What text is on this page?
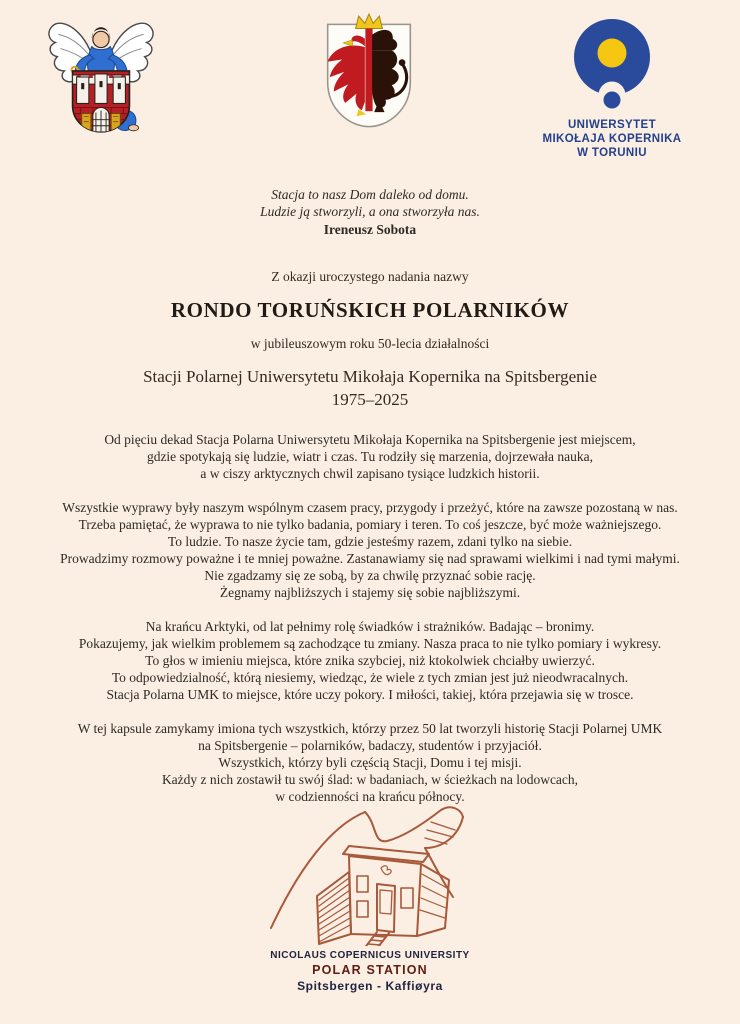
UNIWERSYTET
MIKOŁAJA KOPERNIKA
W TORUNIU
Stacja to nasz Dom daleko od domu.
Ludzie ją stworzyli, a ona stworzyła nas.
Ireneusz Sobota
Z okazji uroczystego nadania nazwy
RONDO TORUŃSKICH POLARNIKÓW
w jubileuszowym roku 50-lecia działalności
Stacji Polarnej Uniwersytetu Mikołaja Kopernika na Spitsbergenie
1975–2025

Od pięciu dekad Stacja Polarna Uniwersytetu Mikołaja Kopernika na Spitsbergenie jest miejscem,
gdzie spotykają się ludzie, wiatr i czas. Tu rodziły się marzenia, dojrzewała nauka,
a w ciszy arktycznych chwil zapisano tysiące ludzkich historii.

Wszystkie wyprawy były naszym wspólnym czasem pracy, przygody i przeżyć, które na zawsze pozostaną w nas.
Trzeba pamiętać, że wyprawa to nie tylko badania, pomiary i teren. To coś jeszcze, być może ważniejszego.
To ludzie. To nasze życie tam, gdzie jesteśmy razem, zdani tylko na siebie.
Prowadzimy rozmowy poważne i te mniej poważne. Zastanawiamy się nad sprawami wielkimi i nad tymi małymi.
Nie zgadzamy się ze sobą, by za chwilę przyznać sobie rację.
Żegnamy najbliższych i stajemy się sobie najbliższymi.

Na krańcu Arktyki, od lat pełnimy rolę świadków i strażników. Badając – bronimy.
Pokazujemy, jak wielkim problemem są zachodzące tu zmiany. Nasza praca to nie tylko pomiary i wykresy.
To głos w imieniu miejsca, które znika szybciej, niż ktokolwiek chciałby uwierzyć.
To odpowiedzialność, którą niesiemy, wiedząc, że wiele z tych zmian jest już nieodwracalnych.
Stacja Polarna UMK to miejsce, które uczy pokory. I miłości, takiej, która przejawia się w trosce.

W tej kapsule zamykamy imiona tych wszystkich, którzy przez 50 lat tworzyli historię Stacji Polarnej UMK
na Spitsbergenie – polarników, badaczy, studentów i przyjaciół.
Wszystkich, którzy byli częścią Stacji, Domu i tej misji.
Każdy z nich zostawił tu swój ślad: w badaniach, w ścieżkach na lodowcach,
w codzienności na krańcu północy.

NICOLAUS COPERNICUS UNIVERSITY
POLAR STATION
Spitsbergen - Kaffiøyra
